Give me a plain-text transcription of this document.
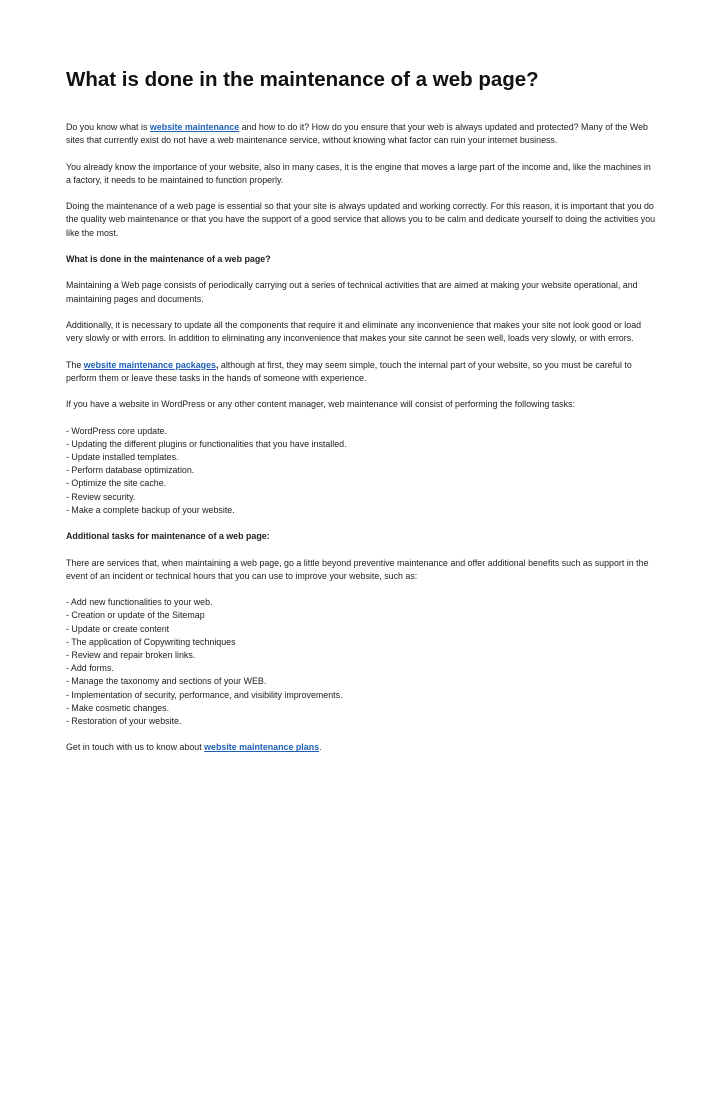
What is done in the maintenance of a web page?

Do you know what is website maintenance and how to do it? How do you ensure that your web is always updated and protected? Many of the Web sites that currently exist do not have a web maintenance service, without knowing what factor can ruin your internet business.

You already know the importance of your website, also in many cases, it is the engine that moves a large part of the income and, like the machines in a factory, it needs to be maintained to function properly.

Doing the maintenance of a web page is essential so that your site is always updated and working correctly. For this reason, it is important that you do the quality web maintenance or that you have the support of a good service that allows you to be calm and dedicate yourself to doing the activities you like the most.

What is done in the maintenance of a web page?

Maintaining a Web page consists of periodically carrying out a series of technical activities that are aimed at making your website operational, and maintaining pages and documents.

Additionally, it is necessary to update all the components that require it and eliminate any inconvenience that makes your site not look good or load very slowly or with errors. In addition to eliminating any inconvenience that makes your site cannot be seen well, loads very slowly, or with errors.

The website maintenance packages, although at first, they may seem simple, touch the internal part of your website, so you must be careful to perform them or leave these tasks in the hands of someone with experience.

If you have a website in WordPress or any other content manager, web maintenance will consist of performing the following tasks:

- WordPress core update.

- Updating the different plugins or functionalities that you have installed.

- Update installed templates.

- Perform database optimization.

- Optimize the site cache.

- Review security.

- Make a complete backup of your website.

Additional tasks for maintenance of a web page:

There are services that, when maintaining a web page, go a little beyond preventive maintenance and offer additional benefits such as support in the event of an incident or technical hours that you can use to improve your website, such as:

- Add new functionalities to your web.

- Creation or update of the Sitemap

- Update or create content

- The application of Copywriting techniques

- Review and repair broken links.

- Add forms.

- Manage the taxonomy and sections of your WEB.

- Implementation of security, performance, and visibility improvements.

- Make cosmetic changes.

- Restoration of your website.

Get in touch with us to know about website maintenance plans.
